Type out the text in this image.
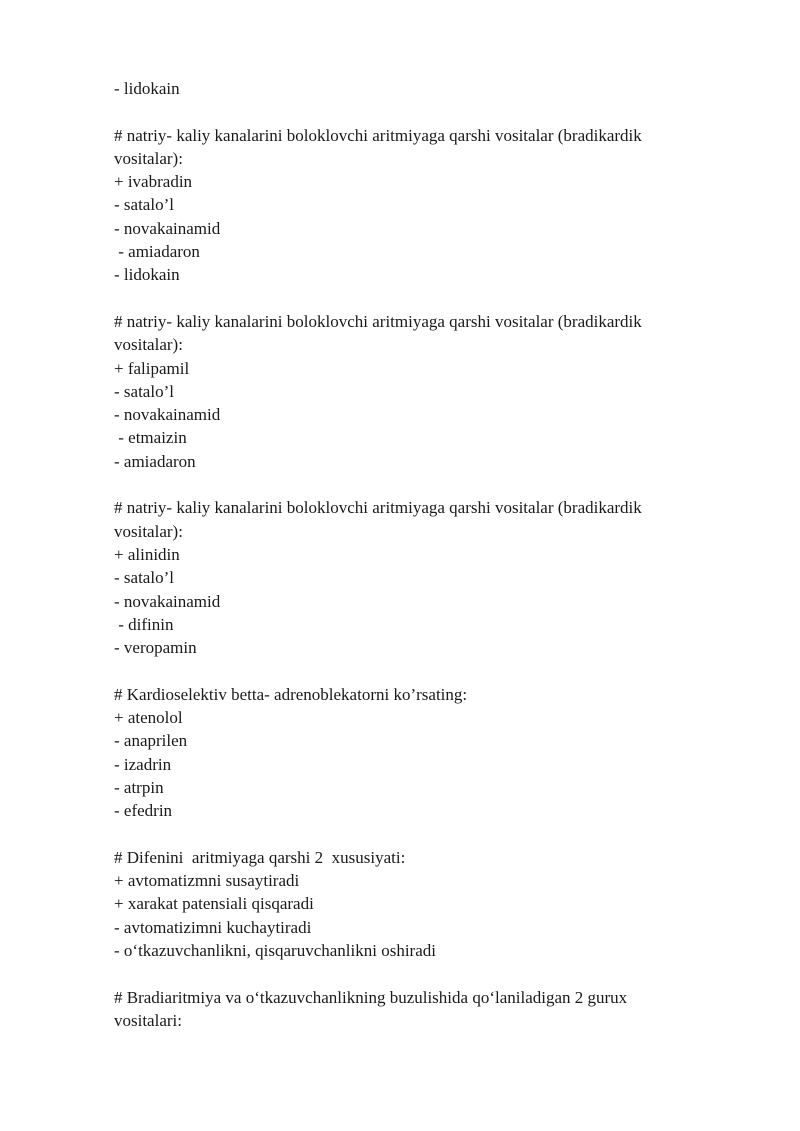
- lidokain
# natriy- kaliy kanalarini boloklovchi aritmiyaga qarshi vositalar (bradikardik
vositalar):
+ ivabradin
- satalo’l
- novakainamid
- amiadaron
- lidokain
# natriy- kaliy kanalarini boloklovchi aritmiyaga qarshi vositalar (bradikardik
vositalar):
+ falipamil
- satalo’l
- novakainamid
- etmaizin
- amiadaron
# natriy- kaliy kanalarini boloklovchi aritmiyaga qarshi vositalar (bradikardik
vositalar):
+ alinidin
- satalo’l
- novakainamid
- difinin
- veropamin
# Kardioselektiv betta- adrenoblekatorni ko’rsating:
+ atenolol
- anaprilen
- izadrin
- atrpin
- efedrin
# Difenini  aritmiyaga qarshi 2  xususiyati:
+ avtomatizmni susaytiradi
+ xarakat patensiali qisqaradi
- avtomatizimni kuchaytiradi
- o‘tkazuvchanlikni, qisqaruvchanlikni oshiradi
# Bradiaritmiya va o‘tkazuvchanlikning buzulishida qo‘laniladigan 2 gurux
vositalari:
